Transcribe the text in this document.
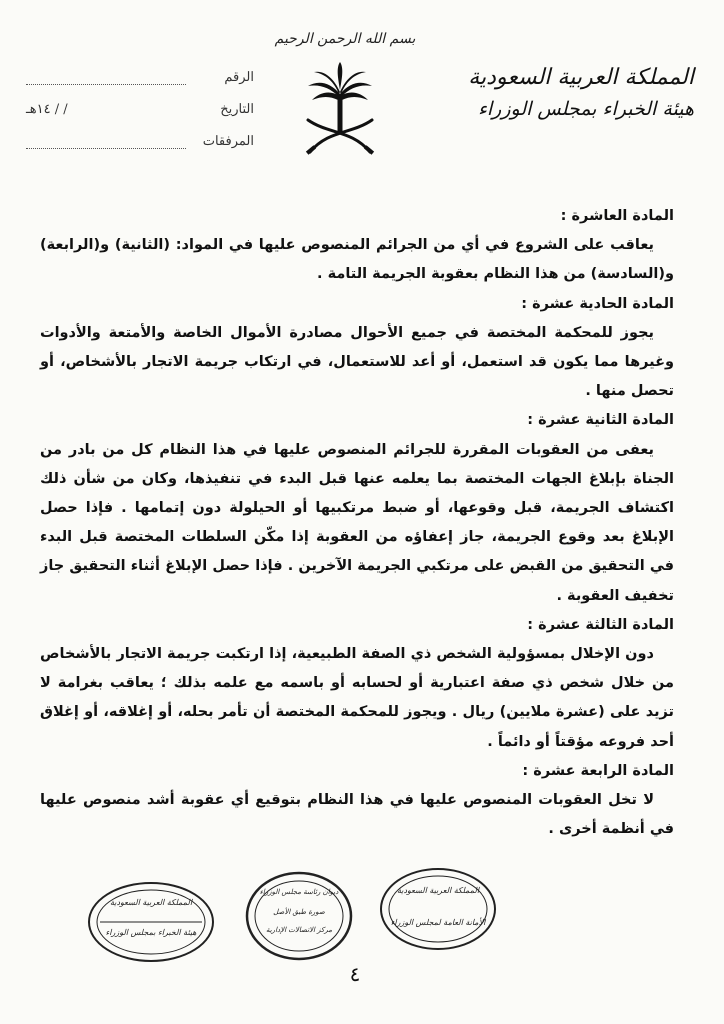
بسم الله الرحمن الرحيم
المملكة العربية السعودية
هيئة الخبراء بمجلس الوزراء
الرقم
التاريخ
/ / ١٤هـ
المرفقات

المادة العاشرة :

يعاقب على الشروع في أي من الجرائم المنصوص عليها في المواد: (الثانية) و(الرابعة) و(السادسة) من هذا النظام بعقوبة الجريمة التامة .

المادة الحادية عشرة :

يجوز للمحكمة المختصة في جميع الأحوال مصادرة الأموال الخاصة والأمتعة والأدوات وغيرها مما يكون قد استعمل، أو أعد للاستعمال، في ارتكاب جريمة الاتجار بالأشخاص، أو تحصل منها .

المادة الثانية عشرة :

يعفى من العقوبات المقررة للجرائم المنصوص عليها في هذا النظام كل من بادر من الجناة بإبلاغ الجهات المختصة بما يعلمه عنها قبل البدء في تنفيذها، وكان من شأن ذلك اكتشاف الجريمة، قبل وقوعها، أو ضبط مرتكبيها أو الحيلولة دون إتمامها . فإذا حصل الإبلاغ بعد وقوع الجريمة، جاز إعفاؤه من العقوبة إذا مكّن السلطات المختصة قبل البدء في التحقيق من القبض على مرتكبي الجريمة الآخرين . فإذا حصل الإبلاغ أثناء التحقيق جاز تخفيف العقوبة .

المادة الثالثة عشرة :

دون الإخلال بمسؤولية الشخص ذي الصفة الطبيعية، إذا ارتكبت جريمة الاتجار بالأشخاص من خلال شخص ذي صفة اعتبارية أو لحسابه أو باسمه مع علمه بذلك ؛ يعاقب بغرامة لا تزيد على (عشرة ملايين) ريال . ويجوز للمحكمة المختصة أن تأمر بحله، أو إغلاقه، أو إغلاق أحد فروعه مؤقتاً أو دائماً .

المادة الرابعة عشرة :

لا تخل العقوبات المنصوص عليها في هذا النظام بتوقيع أي عقوبة أشد منصوص عليها في أنظمة أخرى .

المملكة العربية السعودية
هيئة الخبراء بمجلس الوزراء
ديوان رئاسة مجلس الوزراء
صورة طبق الأصل
مركز الاتصالات الإدارية
المملكة العربية السعودية
الأمانة العامة لمجلس الوزراء
٤
